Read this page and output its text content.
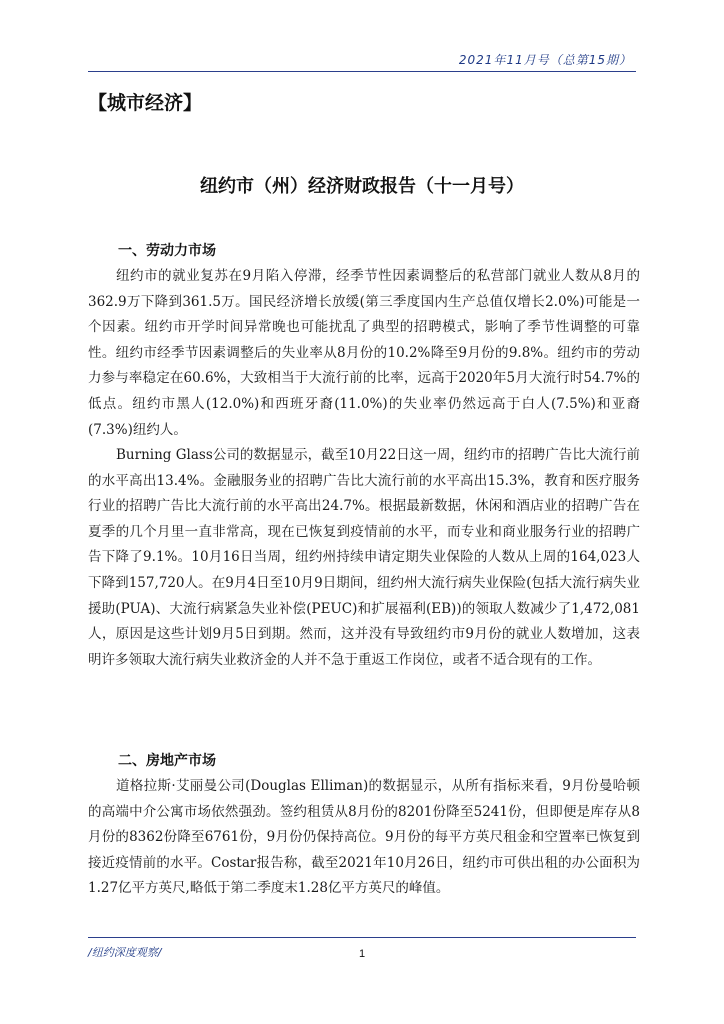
2021年11月号（总第15期）
【城市经济】
纽约市（州）经济财政报告（十一月号）
一、劳动力市场

纽约市的就业复苏在9月陷入停滞，经季节性因素调整后的私营部门就业人数从8月的362.9万下降到361.5万。国民经济增长放缓(第三季度国内生产总值仅增长2.0%)可能是一个因素。纽约市开学时间异常晚也可能扰乱了典型的招聘模式，影响了季节性调整的可靠性。纽约市经季节因素调整后的失业率从8月份的10.2%降至9月份的9.8%。纽约市的劳动力参与率稳定在60.6%，大致相当于大流行前的比率，远高于2020年5月大流行时54.7%的低点。纽约市黑人(12.0%)和西班牙裔(11.0%)的失业率仍然远高于白人(7.5%)和亚裔(7.3%)纽约人。

Burning Glass公司的数据显示，截至10月22日这一周，纽约市的招聘广告比大流行前的水平高出13.4%。金融服务业的招聘广告比大流行前的水平高出15.3%，教育和医疗服务行业的招聘广告比大流行前的水平高出24.7%。根据最新数据，休闲和酒店业的招聘广告在夏季的几个月里一直非常高，现在已恢复到疫情前的水平，而专业和商业服务行业的招聘广告下降了9.1%。10月16日当周，纽约州持续申请定期失业保险的人数从上周的164,023人下降到157,720人。在9月4日至10月9日期间，纽约州大流行病失业保险(包括大流行病失业援助(PUA)、大流行病紧急失业补偿(PEUC)和扩展福利(EB))的领取人数减少了1,472,081人，原因是这些计划9月5日到期。然而，这并没有导致纽约市9月份的就业人数增加，这表明许多领取大流行病失业救济金的人并不急于重返工作岗位，或者不适合现有的工作。

二、房地产市场

道格拉斯·艾丽曼公司(Douglas Elliman)的数据显示，从所有指标来看，9月份曼哈顿的高端中介公寓市场依然强劲。签约租赁从8月份的8201份降至5241份，但即便是库存从8月份的8362份降至6761份，9月份仍保持高位。9月份的每平方英尺租金和空置率已恢复到接近疫情前的水平。Costar报告称，截至2021年10月26日，纽约市可供出租的办公面积为1.27亿平方英尺,略低于第二季度末1.28亿平方英尺的峰值。

/纽约深度观察/	1
